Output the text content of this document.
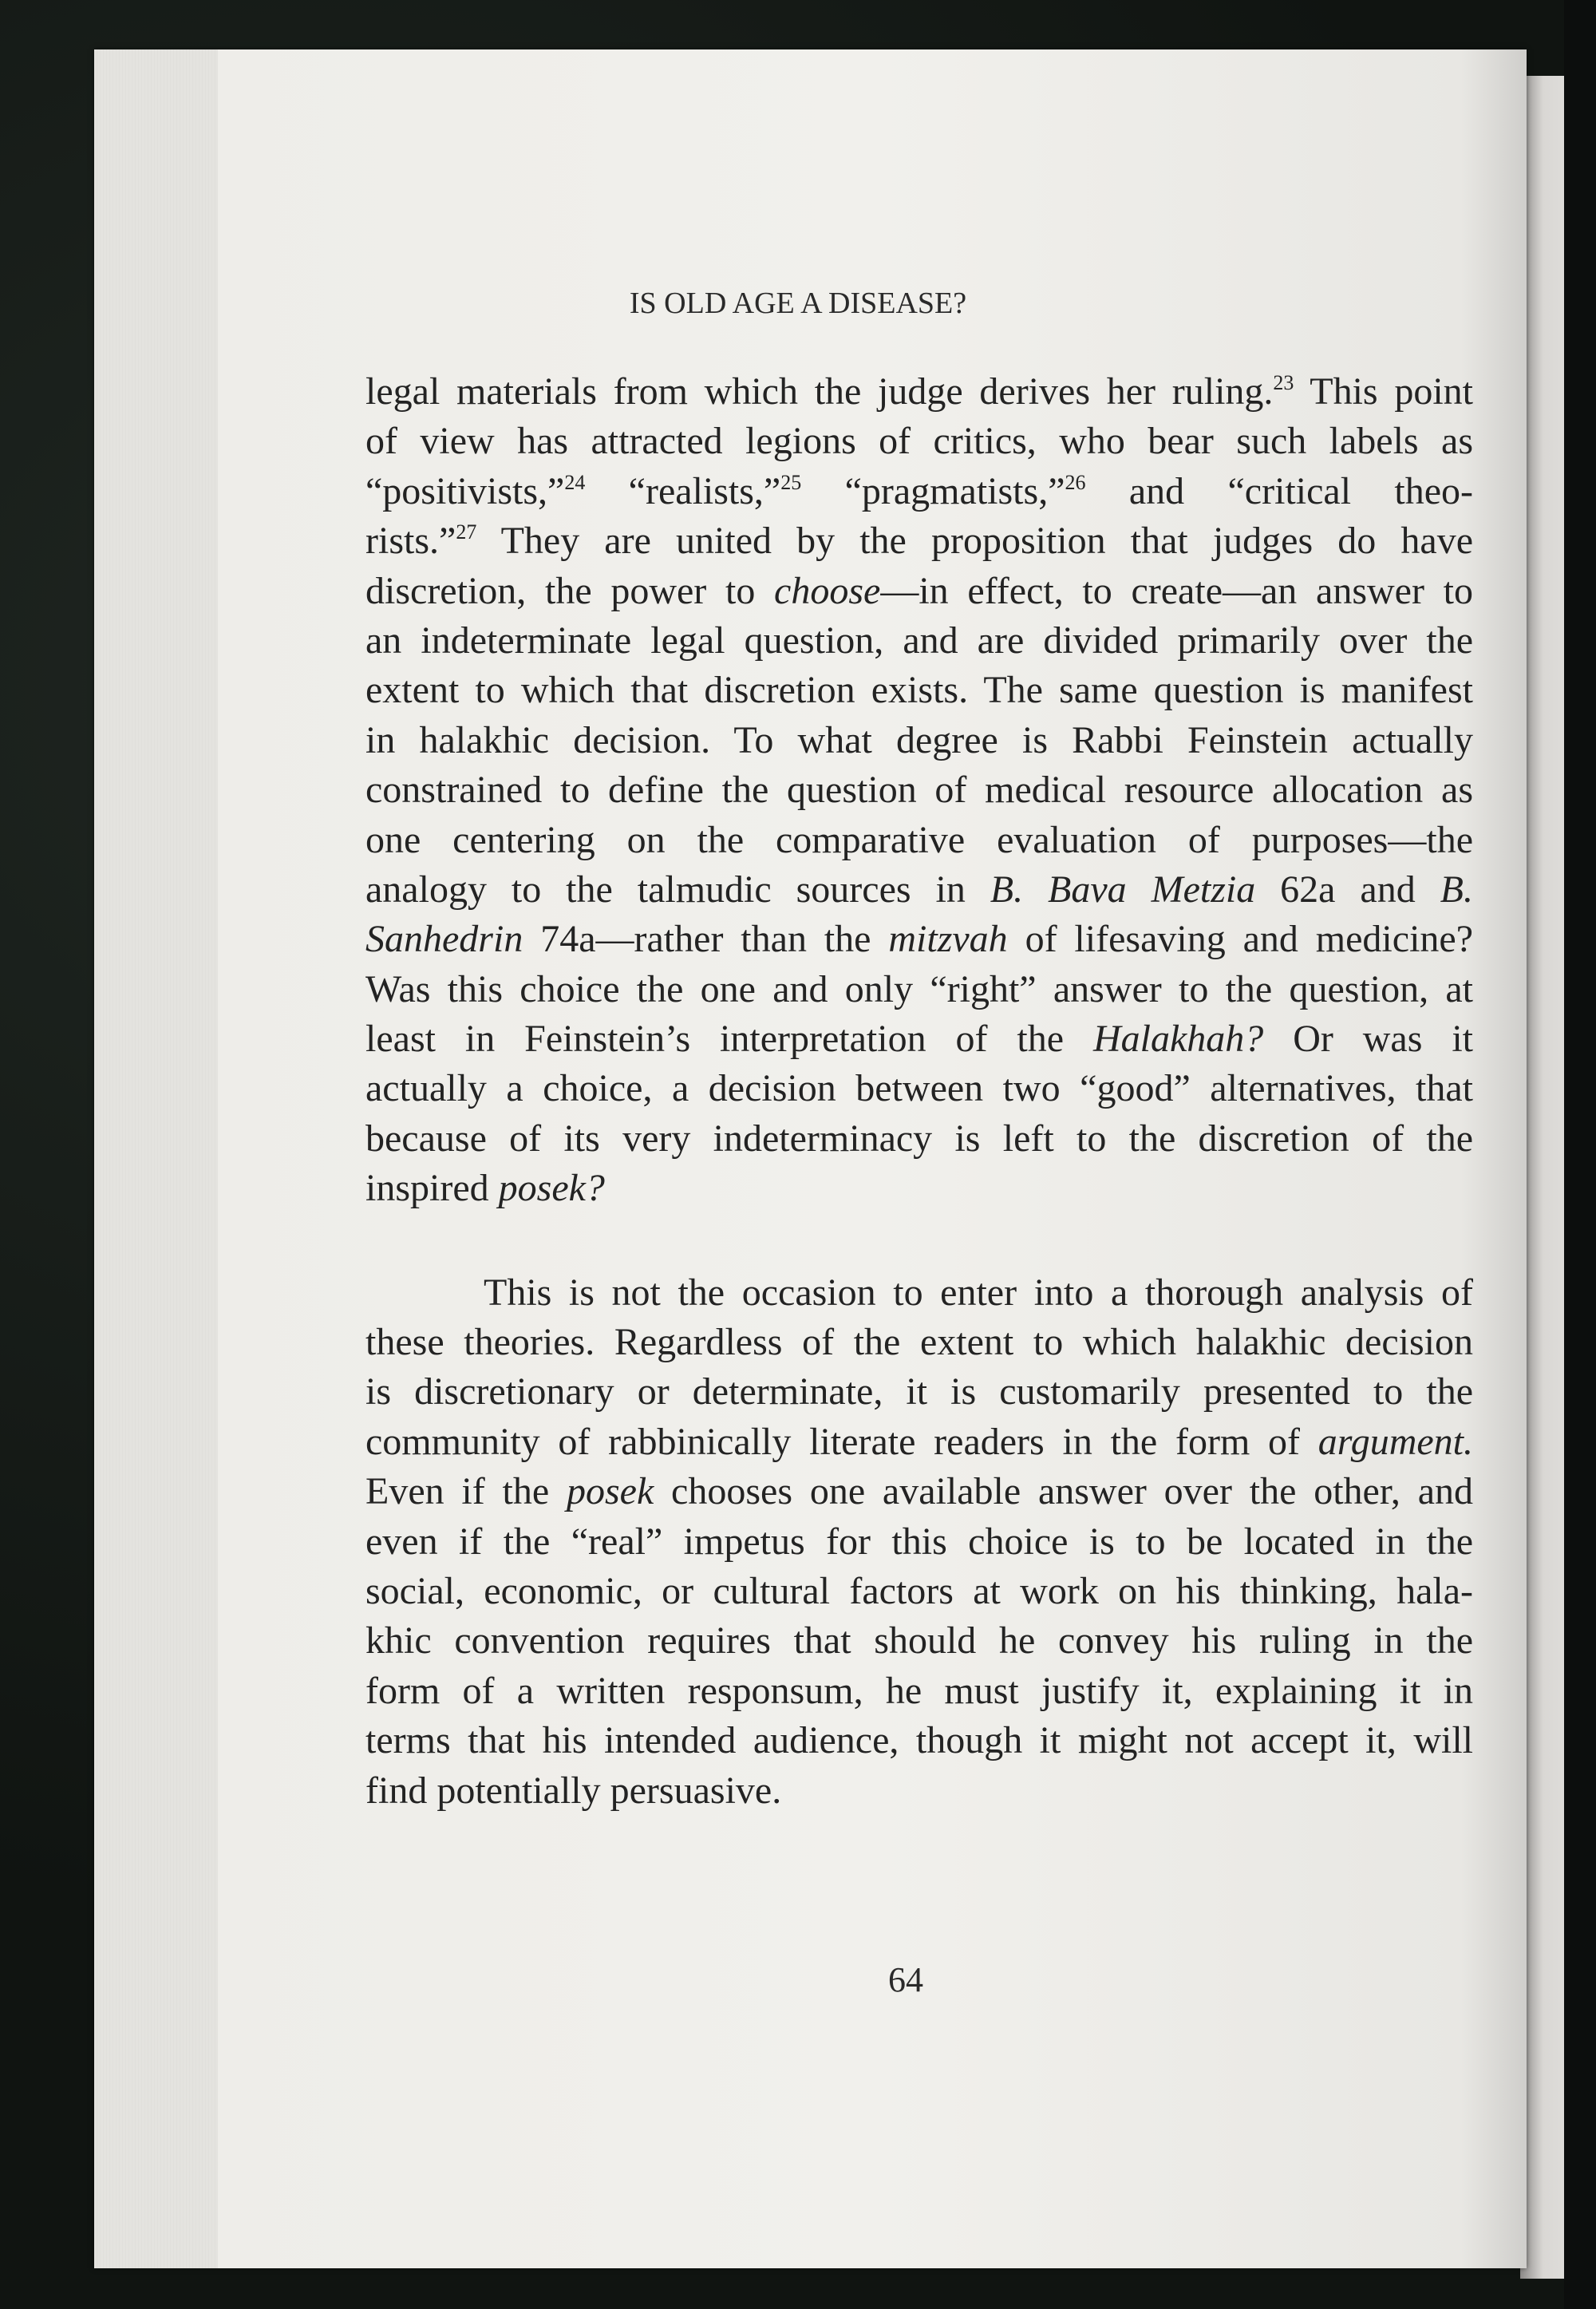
IS OLD AGE A DISEASE?
legal materials from which the judge derives her ruling.$^{23}$ This point
of view has attracted legions of critics, who bear such labels as
“positivists,”$^{24}$ “realists,”$^{25}$ “pragmatists,”$^{26}$ and “critical theo-
rists.”$^{27}$ They are united by the proposition that judges do have
discretion, the power to choose—in effect, to create—an answer to
an indeterminate legal question, and are divided primarily over the
extent to which that discretion exists. The same question is manifest
in halakhic decision. To what degree is Rabbi Feinstein actually
constrained to define the question of medical resource allocation as
one centering on the comparative evaluation of purposes—the
analogy to the talmudic sources in B. Bava Metzia 62a and B.
Sanhedrin 74a—rather than the mitzvah of lifesaving and medicine?
Was this choice the one and only “right” answer to the question, at
least in Feinstein’s interpretation of the Halakhah? Or was it
actually a choice, a decision between two “good” alternatives, that
because of its very indeterminacy is left to the discretion of the
inspired posek?
This is not the occasion to enter into a thorough analysis of
these theories. Regardless of the extent to which halakhic decision
is discretionary or determinate, it is customarily presented to the
community of rabbinically literate readers in the form of argument.
Even if the posek chooses one available answer over the other, and
even if the “real” impetus for this choice is to be located in the
social, economic, or cultural factors at work on his thinking, hala-
khic convention requires that should he convey his ruling in the
form of a written responsum, he must justify it, explaining it in
terms that his intended audience, though it might not accept it, will
find potentially persuasive.
64
